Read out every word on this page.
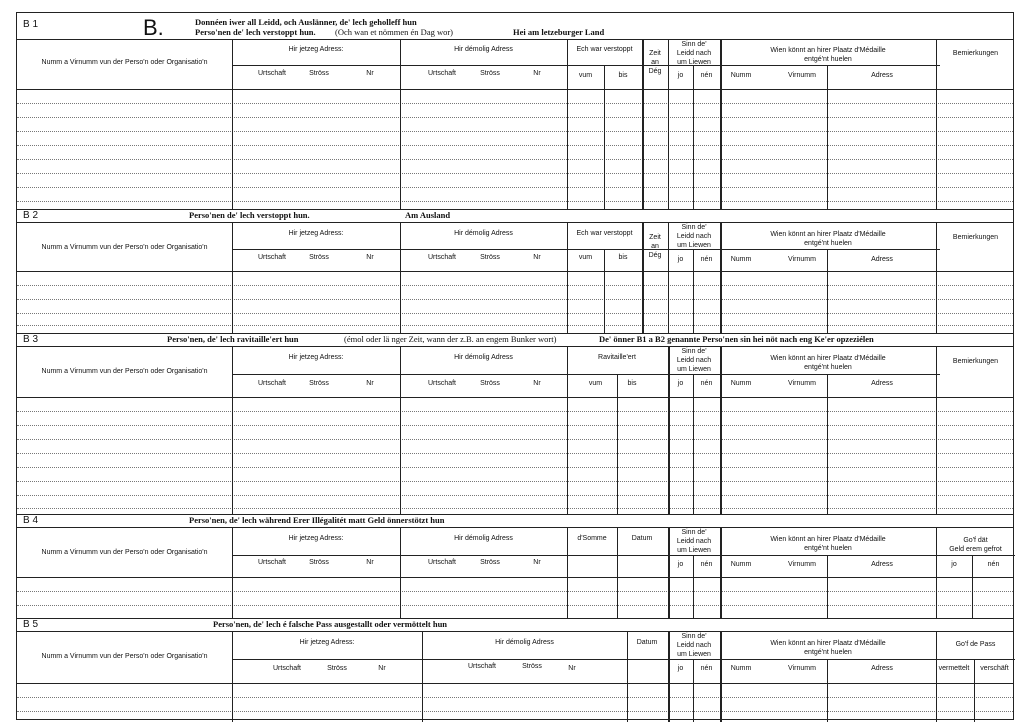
B 1	B.	Donnéen iwer all Leidd, och Auslänner, de' lech geholleff hun
Perso'nen de' lech verstoppt hun. (Och wan et nömmen én Dag wor)	Hei am letzeburger Land
Numm a Virnumm vun der Perso'n oder Organisatio'n
Hir jetzeg Adress:
Urtschaft	Ströss	Nr
Hir démolig Adress
Urtschaft	Ströss	Nr
Ech war verstoppt
vum	bis
Zeit
an
Dég
Sinn de'
Leidd nach
um Liewen
jo	nén
Wien könnt an hirer Plaatz d'Médaille
entgé'nt huelen
Numm	Virnumm	Adress
Bemierkungen
B 2	Perso'nen de' lech verstoppt hun.	Am Ausland
Numm a Virnumm vun der Perso'n oder Organisatio'n
Hir jetzeg Adress:
Urtschaft	Ströss	Nr
Hir démolig Adress
Urtschaft	Ströss	Nr
Ech war verstoppt
vum	bis
Zeit
an
Dég
Sinn de'
Leidd nach
um Liewen
jo	nén
Wien könnt an hirer Plaatz d'Médaille
entgé'nt huelen
Numm	Virnumm	Adress
Bemierkungen
B 3	Perso'nen, de' lech ravitaille'ert hun	(émol oder lä nger Zeit, wann der z.B. an engem Bunker wort)	De' önner B1 a B2 genannte Perso'nen sin hei nöt nach eng Ke'er opzeziélen
Numm a Virnumm vun der Perso'n oder Organisatio'n
Hir jetzeg Adress:
Urtschaft	Ströss	Nr
Hir démolig Adress
Urtschaft	Ströss	Nr
Ravitaille'ert
vum	bis
Sinn de'
Leidd nach
um Liewen
jo	nén
Wien könnt an hirer Plaatz d'Médaille
entgé'nt huelen
Numm	Virnumm	Adress
Bemierkungen
B 4	Perso'nen, de' lech während Erer Illégalitét matt Geld önnerstötzt hun
Numm a Virnumm vun der Perso'n oder Organisatio'n
Hir jetzeg Adress:
Urtschaft	Ströss	Nr
Hir démolig Adress
Urtschaft	Ströss	Nr
d'Somme	Datum
Sinn de'
Leidd nach
um Liewen
jo	nén
Wien könnt an hirer Plaatz d'Médaille
entgé'nt huelen
Numm	Virnumm	Adress
Go'f dät
Geld erem gefrot
jo	nén
B 5	Perso'nen, de' lech é falsche Pass ausgestallt oder vermöttelt hun
Numm a Virnumm vun der Perso'n oder Organisatio'n
Hir jetzeg Adress:
Urtschaft	Ströss	Nr
Hir démolig Adress
Urtschaft	Ströss	Nr
Datum
Sinn de'
Leidd nach
um Liewen
jo	nén
Wien könnt an hirer Plaatz d'Médaille
entgé'nt huelen
Numm	Virnumm	Adress
Go'f de Pass
vermettelt	verschäft
